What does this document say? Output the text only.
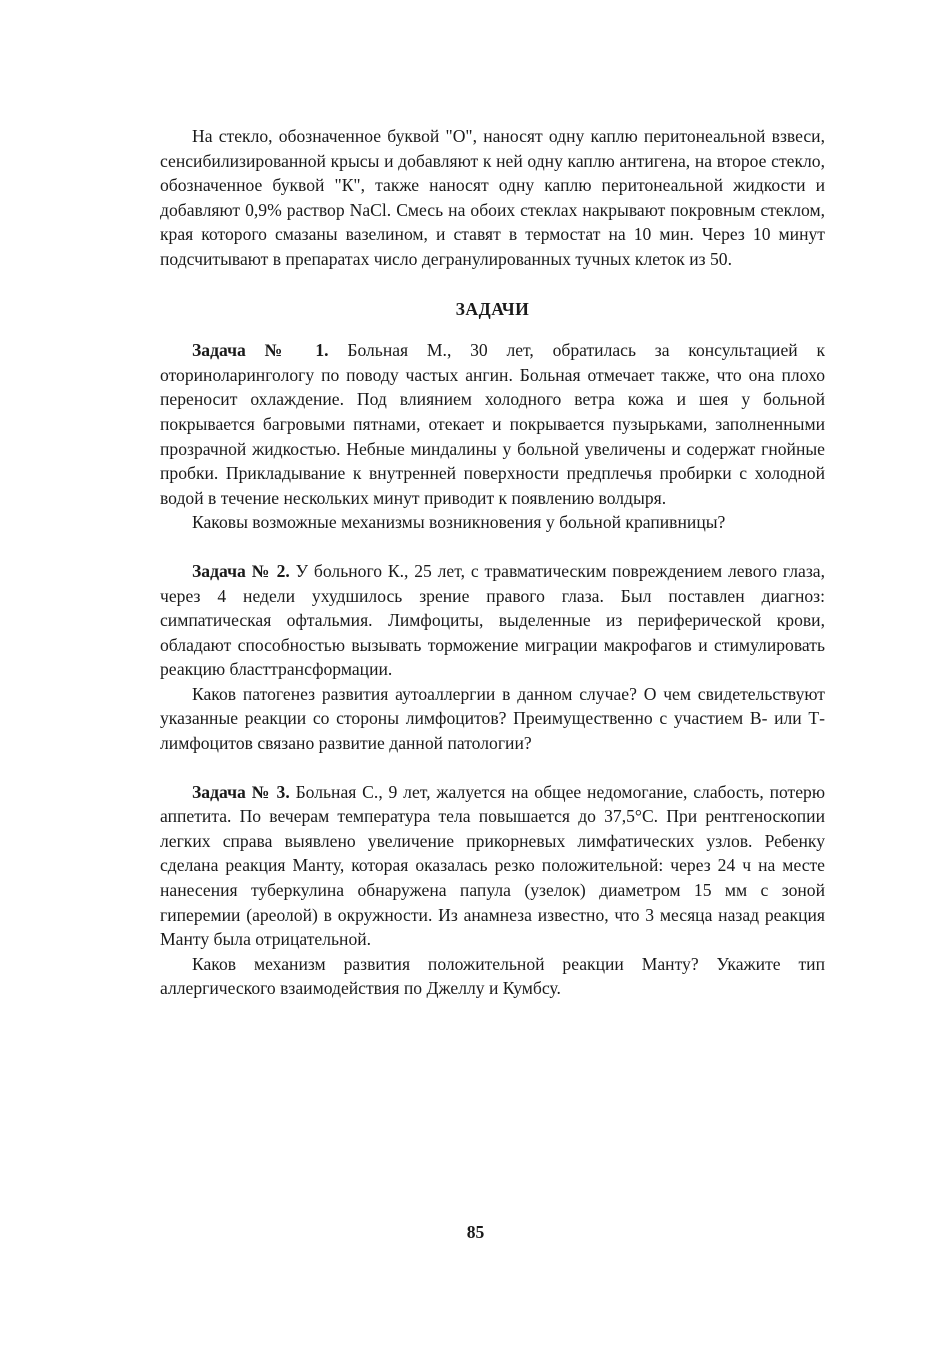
На стекло, обозначенное буквой "О", наносят одну каплю перитонеальной взвеси, сенсибилизированной крысы и добавляют к ней одну каплю антигена, на второе стекло, обозначенное буквой "К", также наносят одну каплю перитонеальной жидкости и добавляют 0,9% раствор NaCl. Смесь на обоих стеклах накрывают покровным стеклом, края которого смазаны вазелином, и ставят в термостат на 10 мин. Через 10 минут подсчитывают в препаратах число дегранулированных тучных клеток из 50.

ЗАДАЧИ

Задача № 1. Больная М., 30 лет, обратилась за консультацией к оториноларингологу по поводу частых ангин. Больная отмечает также, что она плохо переносит охлаждение. Под влиянием холодного ветра кожа и шея у больной покрывается багровыми пятнами, отекает и покрывается пузырьками, заполненными прозрачной жидкостью. Небные миндалины у больной увеличены и содержат гнойные пробки. Прикладывание к внутренней поверхности предплечья пробирки с холодной водой в течение нескольких минут приводит к появлению волдыря.

Каковы возможные механизмы возникновения у больной крапивницы?

Задача № 2. У больного К., 25 лет, с травматическим повреждением левого глаза, через 4 недели ухудшилось зрение правого глаза. Был поставлен диагноз: симпатическая офтальмия. Лимфоциты, выделенные из периферической крови, обладают способностью вызывать торможение миграции макрофагов и стимулировать реакцию бласттрансформации.

Каков патогенез развития аутоаллергии в данном случае? О чем свидетельствуют указанные реакции со стороны лимфоцитов? Преимущественно с участием В- или Т-лимфоцитов связано развитие данной патологии?

Задача № 3. Больная С., 9 лет, жалуется на общее недомогание, слабость, потерю аппетита. По вечерам температура тела повышается до 37,5°С. При рентгеноскопии легких справа выявлено увеличение прикорневых лимфатических узлов. Ребенку сделана реакция Манту, которая оказалась резко положительной: через 24 ч на месте нанесения туберкулина обнаружена папула (узелок) диаметром 15 мм с зоной гиперемии (ареолой) в окружности. Из анамнеза известно, что 3 месяца назад реакция Манту была отрицательной.

Каков механизм развития положительной реакции Манту? Укажите тип аллергического взаимодействия по Джеллу и Кумбсу.

85
